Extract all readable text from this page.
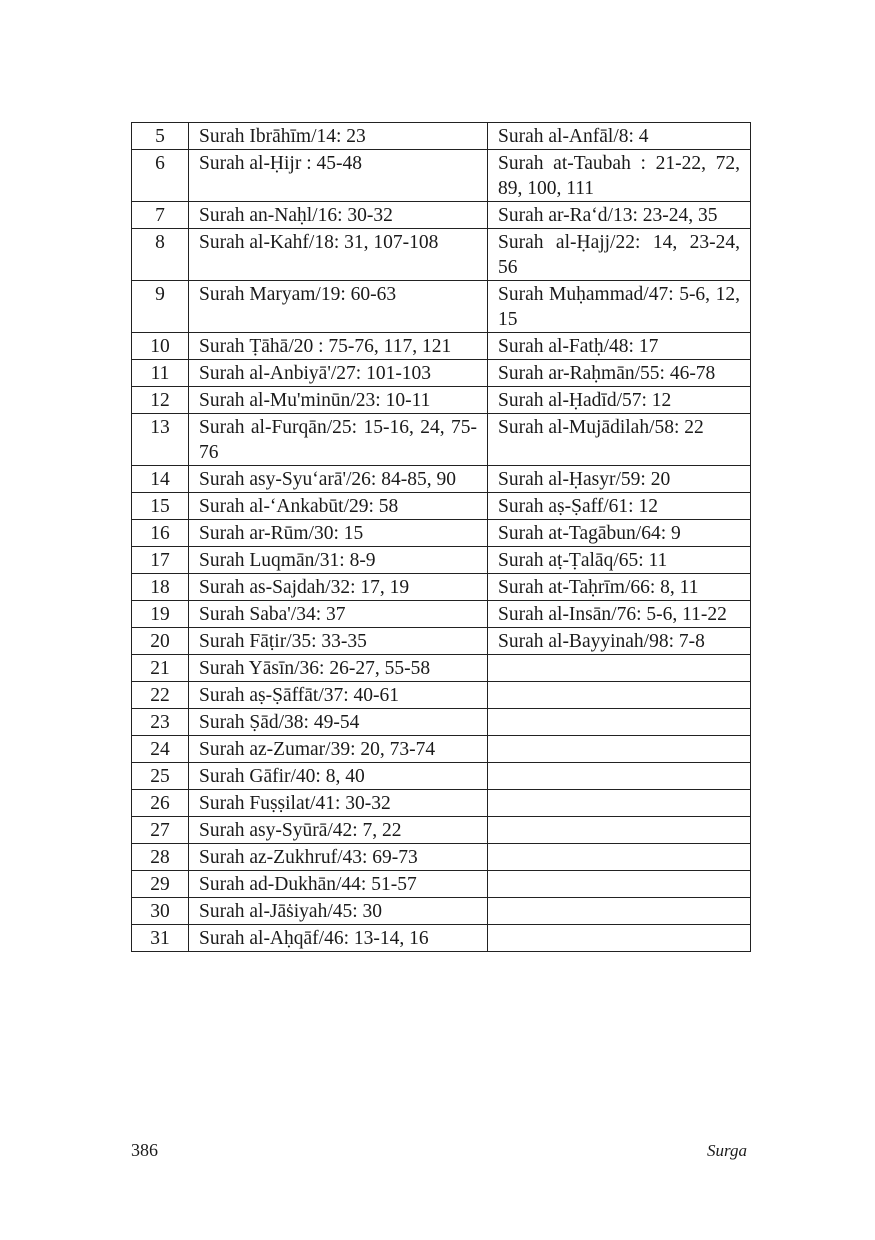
5	Surah Ibrāhīm/14: 23	Surah al-Anfāl/8: 4
6	Surah al-Ḥijr : 45-48	Surah at-Taubah : 21-22, 72, 89, 100, 111
7	Surah an-Naḥl/16: 30-32	Surah ar-Ra‘d/13: 23-24, 35
8	Surah al-Kahf/18: 31, 107-108	Surah al-Ḥajj/22: 14, 23-24, 56
9	Surah Maryam/19: 60-63	Surah Muḥammad/47: 5-6, 12, 15
10	Surah Ṭāhā/20 : 75-76, 117, 121	Surah al-Fatḥ/48: 17
11	Surah al-Anbiyā'/27: 101-103	Surah ar-Raḥmān/55: 46-78
12	Surah al-Mu'minūn/23: 10-11	Surah al-Ḥadīd/57: 12
13	Surah al-Furqān/25: 15-16, 24, 75-76	Surah al-Mujādilah/58: 22
14	Surah asy-Syu‘arā'/26: 84-85, 90	Surah al-Ḥasyr/59: 20
15	Surah al-‘Ankabūt/29: 58	Surah aṣ-Ṣaff/61: 12
16	Surah ar-Rūm/30: 15	Surah at-Tagābun/64: 9
17	Surah Luqmān/31: 8-9	Surah aṭ-Ṭalāq/65: 11
18	Surah as-Sajdah/32: 17, 19	Surah at-Taḥrīm/66: 8, 11
19	Surah Saba'/34: 37	Surah al-Insān/76: 5-6, 11-22
20	Surah Fāṭir/35: 33-35	Surah al-Bayyinah/98: 7-8
21	Surah Yāsīn/36: 26-27, 55-58	
22	Surah aṣ-Ṣāffāt/37: 40-61	
23	Surah Ṣād/38: 49-54	
24	Surah az-Zumar/39: 20, 73-74	
25	Surah Gāfir/40: 8, 40	
26	Surah Fuṣṣilat/41: 30-32	
27	Surah asy-Syūrā/42: 7, 22	
28	Surah az-Zukhruf/43: 69-73	
29	Surah ad-Dukhān/44: 51-57	
30	Surah al-Jāṡiyah/45: 30	
31	Surah al-Aḥqāf/46: 13-14, 16	
386	Surga
